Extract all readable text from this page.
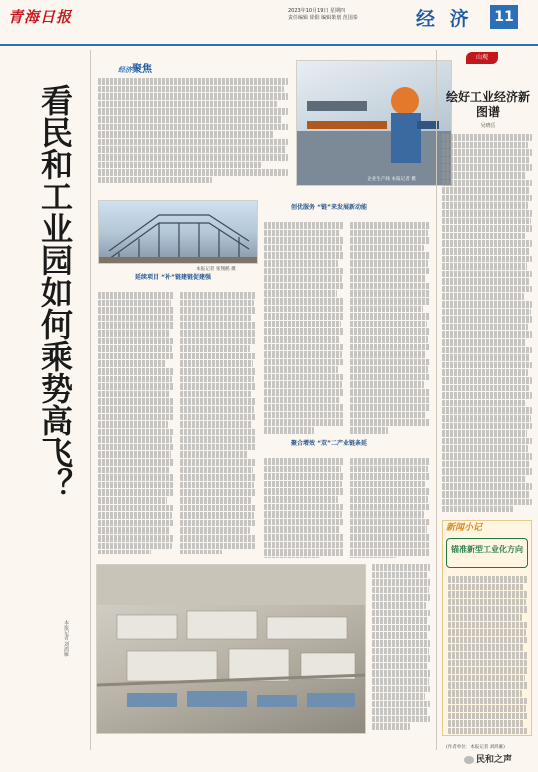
青海日报	2023年10月19日 星期四
责任编辑 徐阳 编辑策划 范国泰	经 济	11
看民和工业园如何乘势高飞？
本报记者 刘鸿雁
经济聚焦
企业生产线 本报记者 摄
本报记者 张翔鹤 摄
延续项目 “补”链建链促建强
创优服务 “链”来发展新动能
聚合增效 “双”二产业链条延
山观
绘好工业经济新图谱
吴晓岳
新闻小记
锚准新型工业化方向
(作者单位：本报记者 刘鸿雁)
民和之声
